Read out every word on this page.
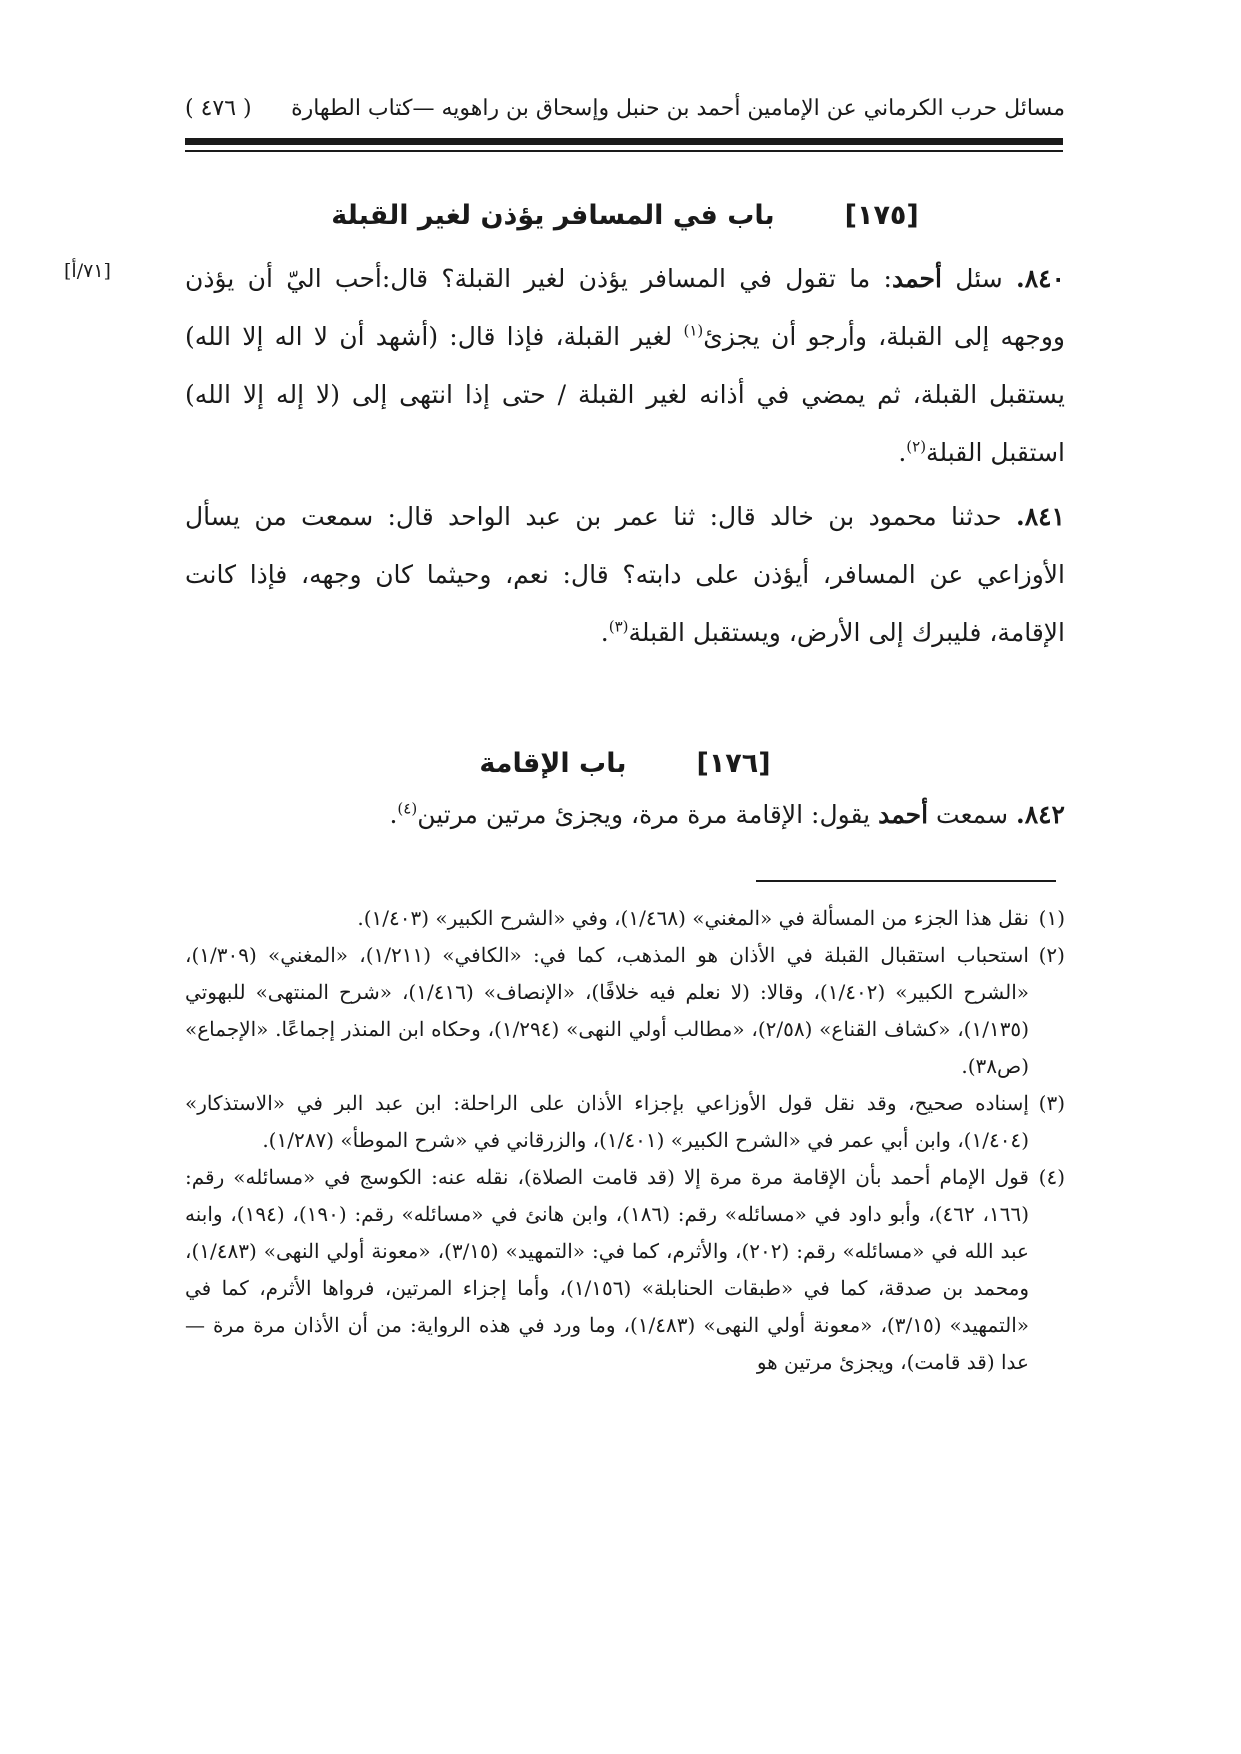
مسائل حرب الكرماني عن الإمامين أحمد بن حنبل وإسحاق بن راهويه —كتاب الطهارة
( ٤٧٦ )
[٧١/أ]
[١٧٥]
باب في المسافر يؤذن لغير القبلة

٨٤٠. سئل أحمد: ما تقول في المسافر يؤذن لغير القبلة؟ قال:أحب اليّ أن يؤذن ووجهه إلى القبلة، وأرجو أن يجزئ$^{(١)}$ لغير القبلة، فإذا قال: (أشهد أن لا اله إلا الله) يستقبل القبلة، ثم يمضي في أذانه لغير القبلة / حتى إذا انتهى إلى (لا إله إلا الله) استقبل القبلة$^{(٢)}$.

٨٤١. حدثنا محمود بن خالد قال: ثنا عمر بن عبد الواحد قال: سمعت من يسأل الأوزاعي عن المسافر، أيؤذن على دابته؟ قال: نعم، وحيثما كان وجهه، فإذا كانت الإقامة، فليبرك إلى الأرض، ويستقبل القبلة$^{(٣)}$.

[١٧٦]
باب الإقامة

٨٤٢. سمعت أحمد يقول: الإقامة مرة مرة، ويجزئ مرتين مرتين$^{(٤)}$.

(١)نقل هذا الجزء من المسألة في «المغني» (١/٤٦٨)، وفي «الشرح الكبير» (١/٤٠٣).

(٢)استحباب استقبال القبلة في الأذان هو المذهب، كما في: «الكافي» (١/٢١١)، «المغني» (١/٣٠٩)، «الشرح الكبير» (١/٤٠٢)، وقالا: (لا نعلم فيه خلافًا)، «الإنصاف» (١/٤١٦)، «شرح المنتهى» للبهوتي (١/١٣٥)، «كشاف القناع» (٢/٥٨)، «مطالب أولي النهى» (١/٢٩٤)، وحكاه ابن المنذر إجماعًا. «الإجماع» (ص٣٨).

(٣)إسناده صحيح، وقد نقل قول الأوزاعي بإجزاء الأذان على الراحلة: ابن عبد البر في «الاستذكار» (١/٤٠٤)، وابن أبي عمر في «الشرح الكبير» (١/٤٠١)، والزرقاني في «شرح الموطأ» (١/٢٨٧).

(٤)قول الإمام أحمد بأن الإقامة مرة مرة إلا (قد قامت الصلاة)، نقله عنه: الكوسج في «مسائله» رقم: (١٦٦، ٤٦٢)، وأبو داود في «مسائله» رقم: (١٨٦)، وابن هانئ في «مسائله» رقم: (١٩٠)، (١٩٤)، وابنه عبد الله في «مسائله» رقم: (٢٠٢)، والأثرم، كما في: «التمهيد» (٣/١٥)، «معونة أولي النهى» (١/٤٨٣)، ومحمد بن صدقة، كما في «طبقات الحنابلة» (١/١٥٦)، وأما إجزاء المرتين، فرواها الأثرم، كما في «التمهيد» (٣/١٥)، «معونة أولي النهى» (١/٤٨٣)، وما ورد في هذه الرواية: من أن الأذان مرة مرة —عدا (قد قامت)، ويجزئ مرتين هو
